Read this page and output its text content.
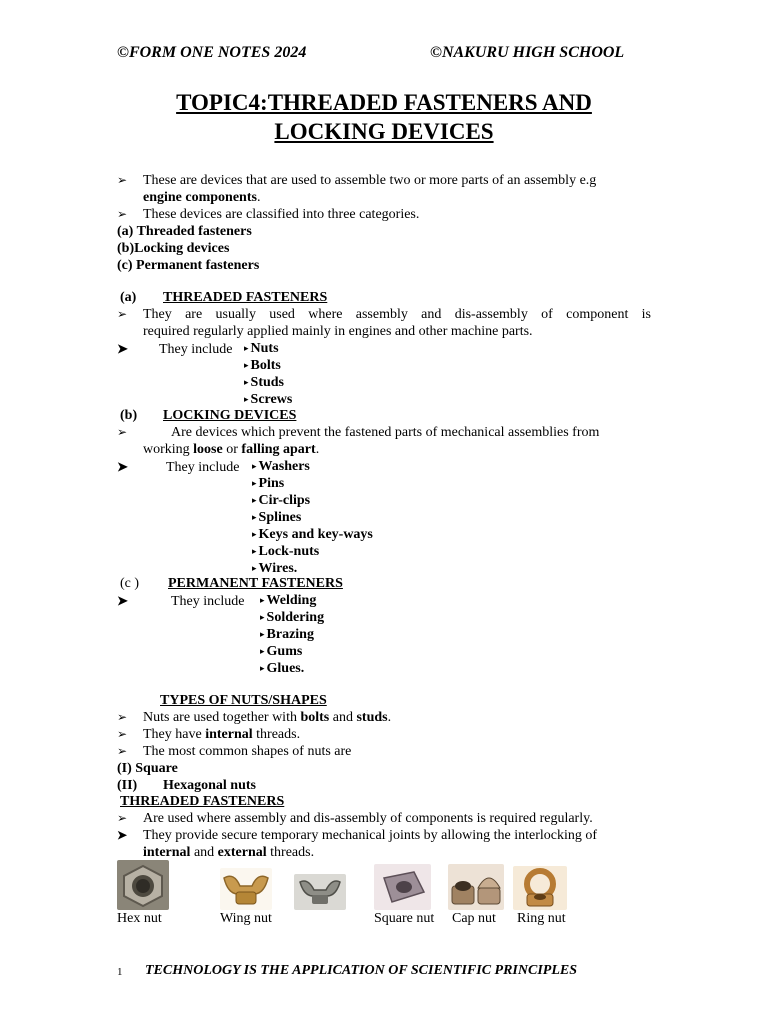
©FORM ONE NOTES 2024	©NAKURU HIGH SCHOOL
TOPIC4:THREADED FASTENERS AND
LOCKING DEVICES
➢ These are devices that are used to assemble two or more parts of an assembly e.g
engine components.
➢ These devices are classified into three categories.
(a) Threaded fasteners
(b)Locking devices
(c) Permanent fasteners
(a) THREADED FASTENERS
➢ They are usually used where assembly and dis-assembly of component is
required regularly applied mainly in engines and other machine parts.
➤ They include ▸ Nuts
▸ Bolts
▸ Studs
▸ Screws
(b) LOCKING DEVICES
➢	Are devices which prevent the fastened parts of mechanical assemblies from
working loose or falling apart.
➤	They include ▸ Washers
▸ Pins
▸ Cir-clips
▸ Splines
▸ Keys and key-ways
▸ Lock-nuts
▸ Wires.
(c ) PERMANENT FASTENERS
➤	They include ▸ Welding
▸ Soldering
▸ Brazing
▸ Gums
▸ Glues.
TYPES OF NUTS/SHAPES
➢ Nuts are used together with bolts and studs.
➢ They have internal threads.
➢ The most common shapes of nuts are
(I) Square
(II) Hexagonal nuts
THREADED FASTENERS
➢ Are used where assembly and dis-assembly of components is required regularly.
➤ They provide secure temporary mechanical joints by allowing the interlocking of
internal and external threads.
Hex nut	Wing nut	Square nut Cap nut Ring nut
1 TECHNOLOGY IS THE APPLICATION OF SCIENTIFIC PRINCIPLES
